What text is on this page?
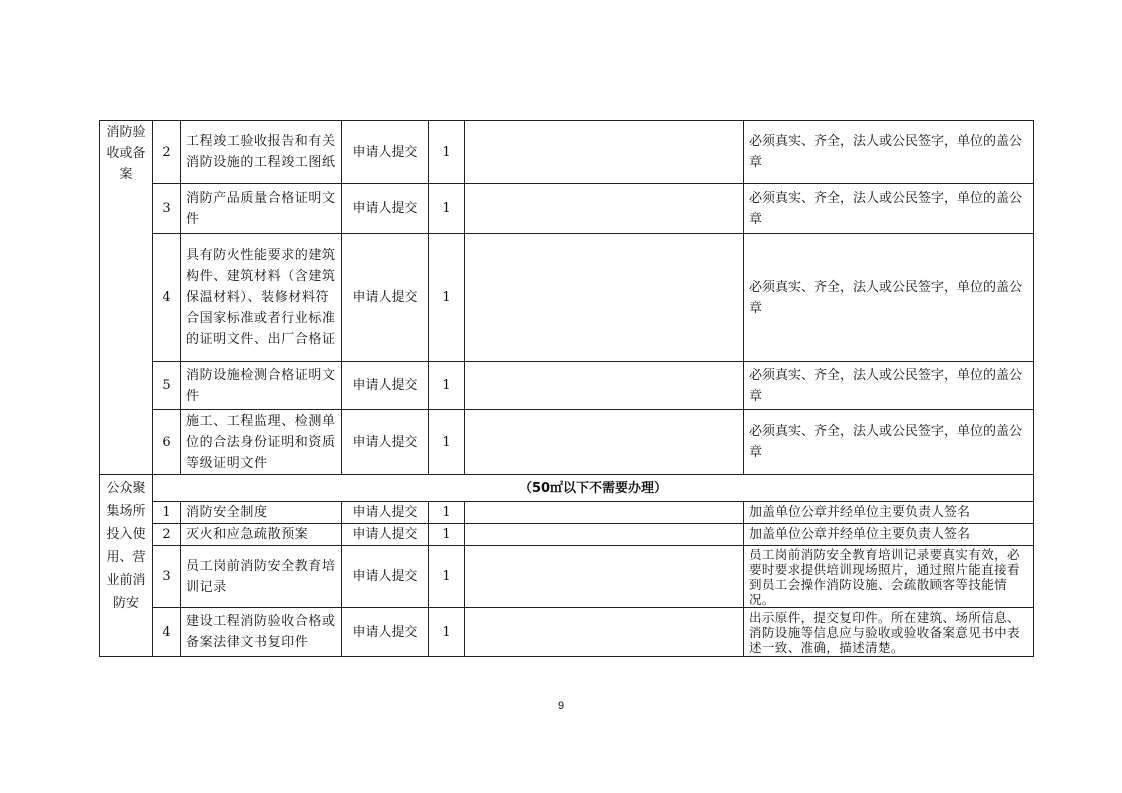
消防验收或备案	2	工程竣工验收报告和有关消防设施的工程竣工图纸	申请人提交	1		必须真实、齐全，法人或公民签字，单位的盖公章
	3	消防产品质量合格证明文件	申请人提交	1		必须真实、齐全，法人或公民签字，单位的盖公章
	4	具有防火性能要求的建筑构件、建筑材料（含建筑保温材料）、装修材料符合国家标准或者行业标准的证明文件、出厂合格证	申请人提交	1		必须真实、齐全，法人或公民签字，单位的盖公章
	5	消防设施检测合格证明文件	申请人提交	1		必须真实、齐全，法人或公民签字，单位的盖公章
	6	施工、工程监理、检测单位的合法身份证明和资质等级证明文件	申请人提交	1		必须真实、齐全，法人或公民签字，单位的盖公章
公众聚集场所投入使用、营业前消防安	（50㎡以下不需要办理）					
	1	消防安全制度	申请人提交	1		加盖单位公章并经单位主要负责人签名
	2	灭火和应急疏散预案	申请人提交	1		加盖单位公章并经单位主要负责人签名
	3	员工岗前消防安全教育培训记录	申请人提交	1		员工岗前消防安全教育培训记录要真实有效，必要时要求提供培训现场照片，通过照片能直接看到员工会操作消防设施、会疏散顾客等技能情况。
	4	建设工程消防验收合格或备案法律文书复印件	申请人提交	1		出示原件，提交复印件。所在建筑、场所信息、消防设施等信息应与验收或验收备案意见书中表述一致、准确，描述清楚。
9
